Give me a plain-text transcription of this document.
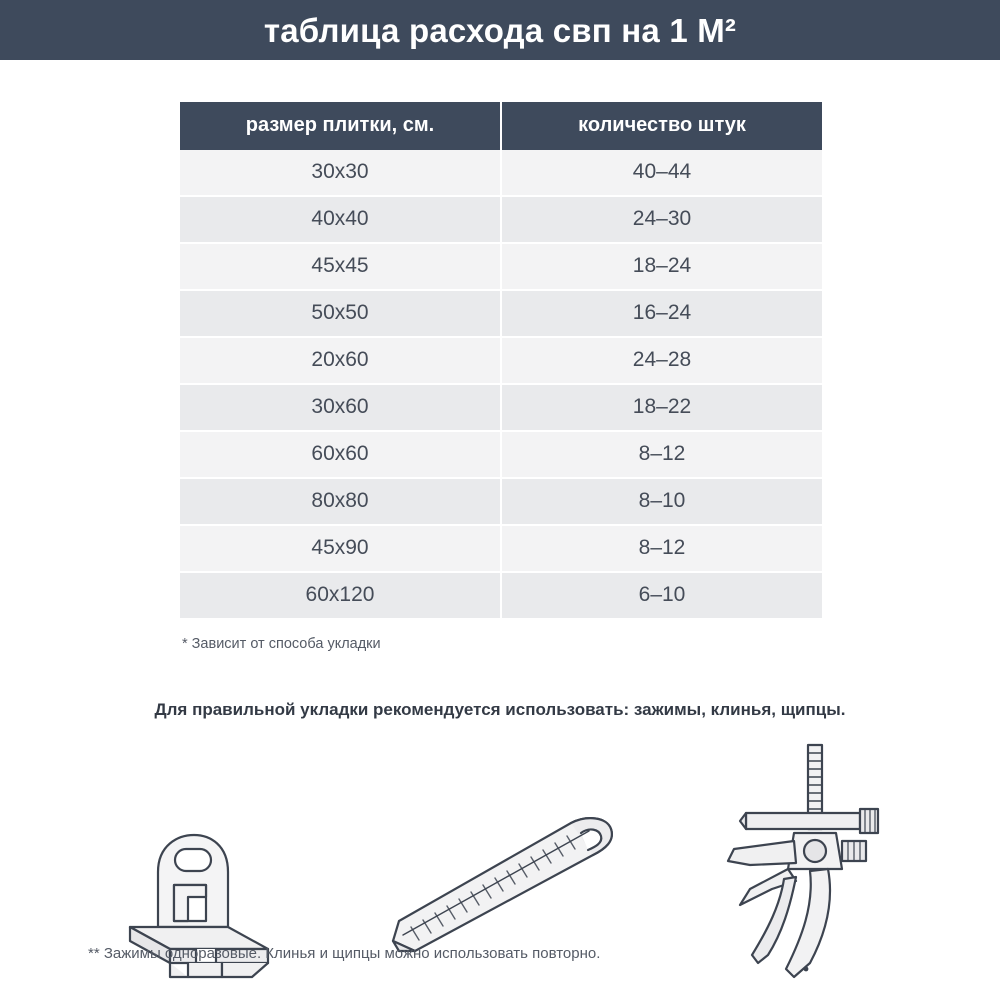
таблица расхода свп на 1 М²
размер плитки, см.	количество штук
30х30	40–44
40х40	24–30
45х45	18–24
50х50	16–24
20х60	24–28
30х60	18–22
60х60	8–12
80х80	8–10
45х90	8–12
60х120	6–10
* Зависит от способа укладки
Для правильной укладки рекомендуется использовать: зажимы, клинья, щипцы.
** Зажимы одноразовые. Клинья и щипцы можно использовать повторно.
